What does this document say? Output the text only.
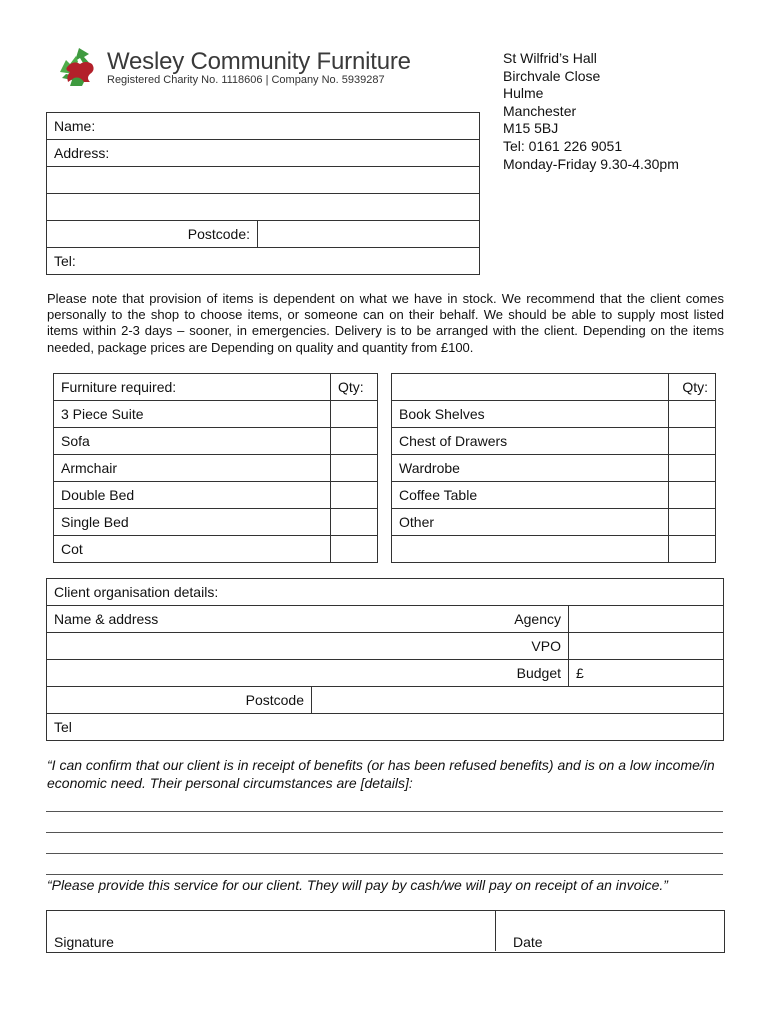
Wesley Community Furniture
Registered Charity No. 1118606 | Company No. 5939287
St Wilfrid’s Hall
Birchvale Close
Hulme
Manchester
M15 5BJ
Tel: 0161 226 9051
Monday-Friday 9.30-4.30pm
Name:
Address:

Postcode:	
Tel:
Please note that provision of items is dependent on what we have in stock. We recommend that the client comes personally to the shop to choose items, or someone can on their behalf. We should be able to supply most listed items within 2-3 days – sooner, in emergencies. Delivery is to be arranged with the client. Depending on the items needed, package prices are Depending on quality and quantity from £100.
Furniture required:	Qty:
3 Piece Suite	
Sofa	
Armchair	
Double Bed	
Single Bed	
Cot	
	Qty:
Book Shelves	
Chest of Drawers	
Wardrobe	
Coffee Table	
Other	

Client organisation details:			
Name & address		Agency	
		VPO	
		Budget	£
Postcode			
Tel			
“I can confirm that our client is in receipt of benefits (or has been refused benefits) and is on a low income/in economic need. Their personal circumstances are [details]:
“Please provide this service for our client. They will pay by cash/we will pay on receipt of an invoice.”
Signature	Date
